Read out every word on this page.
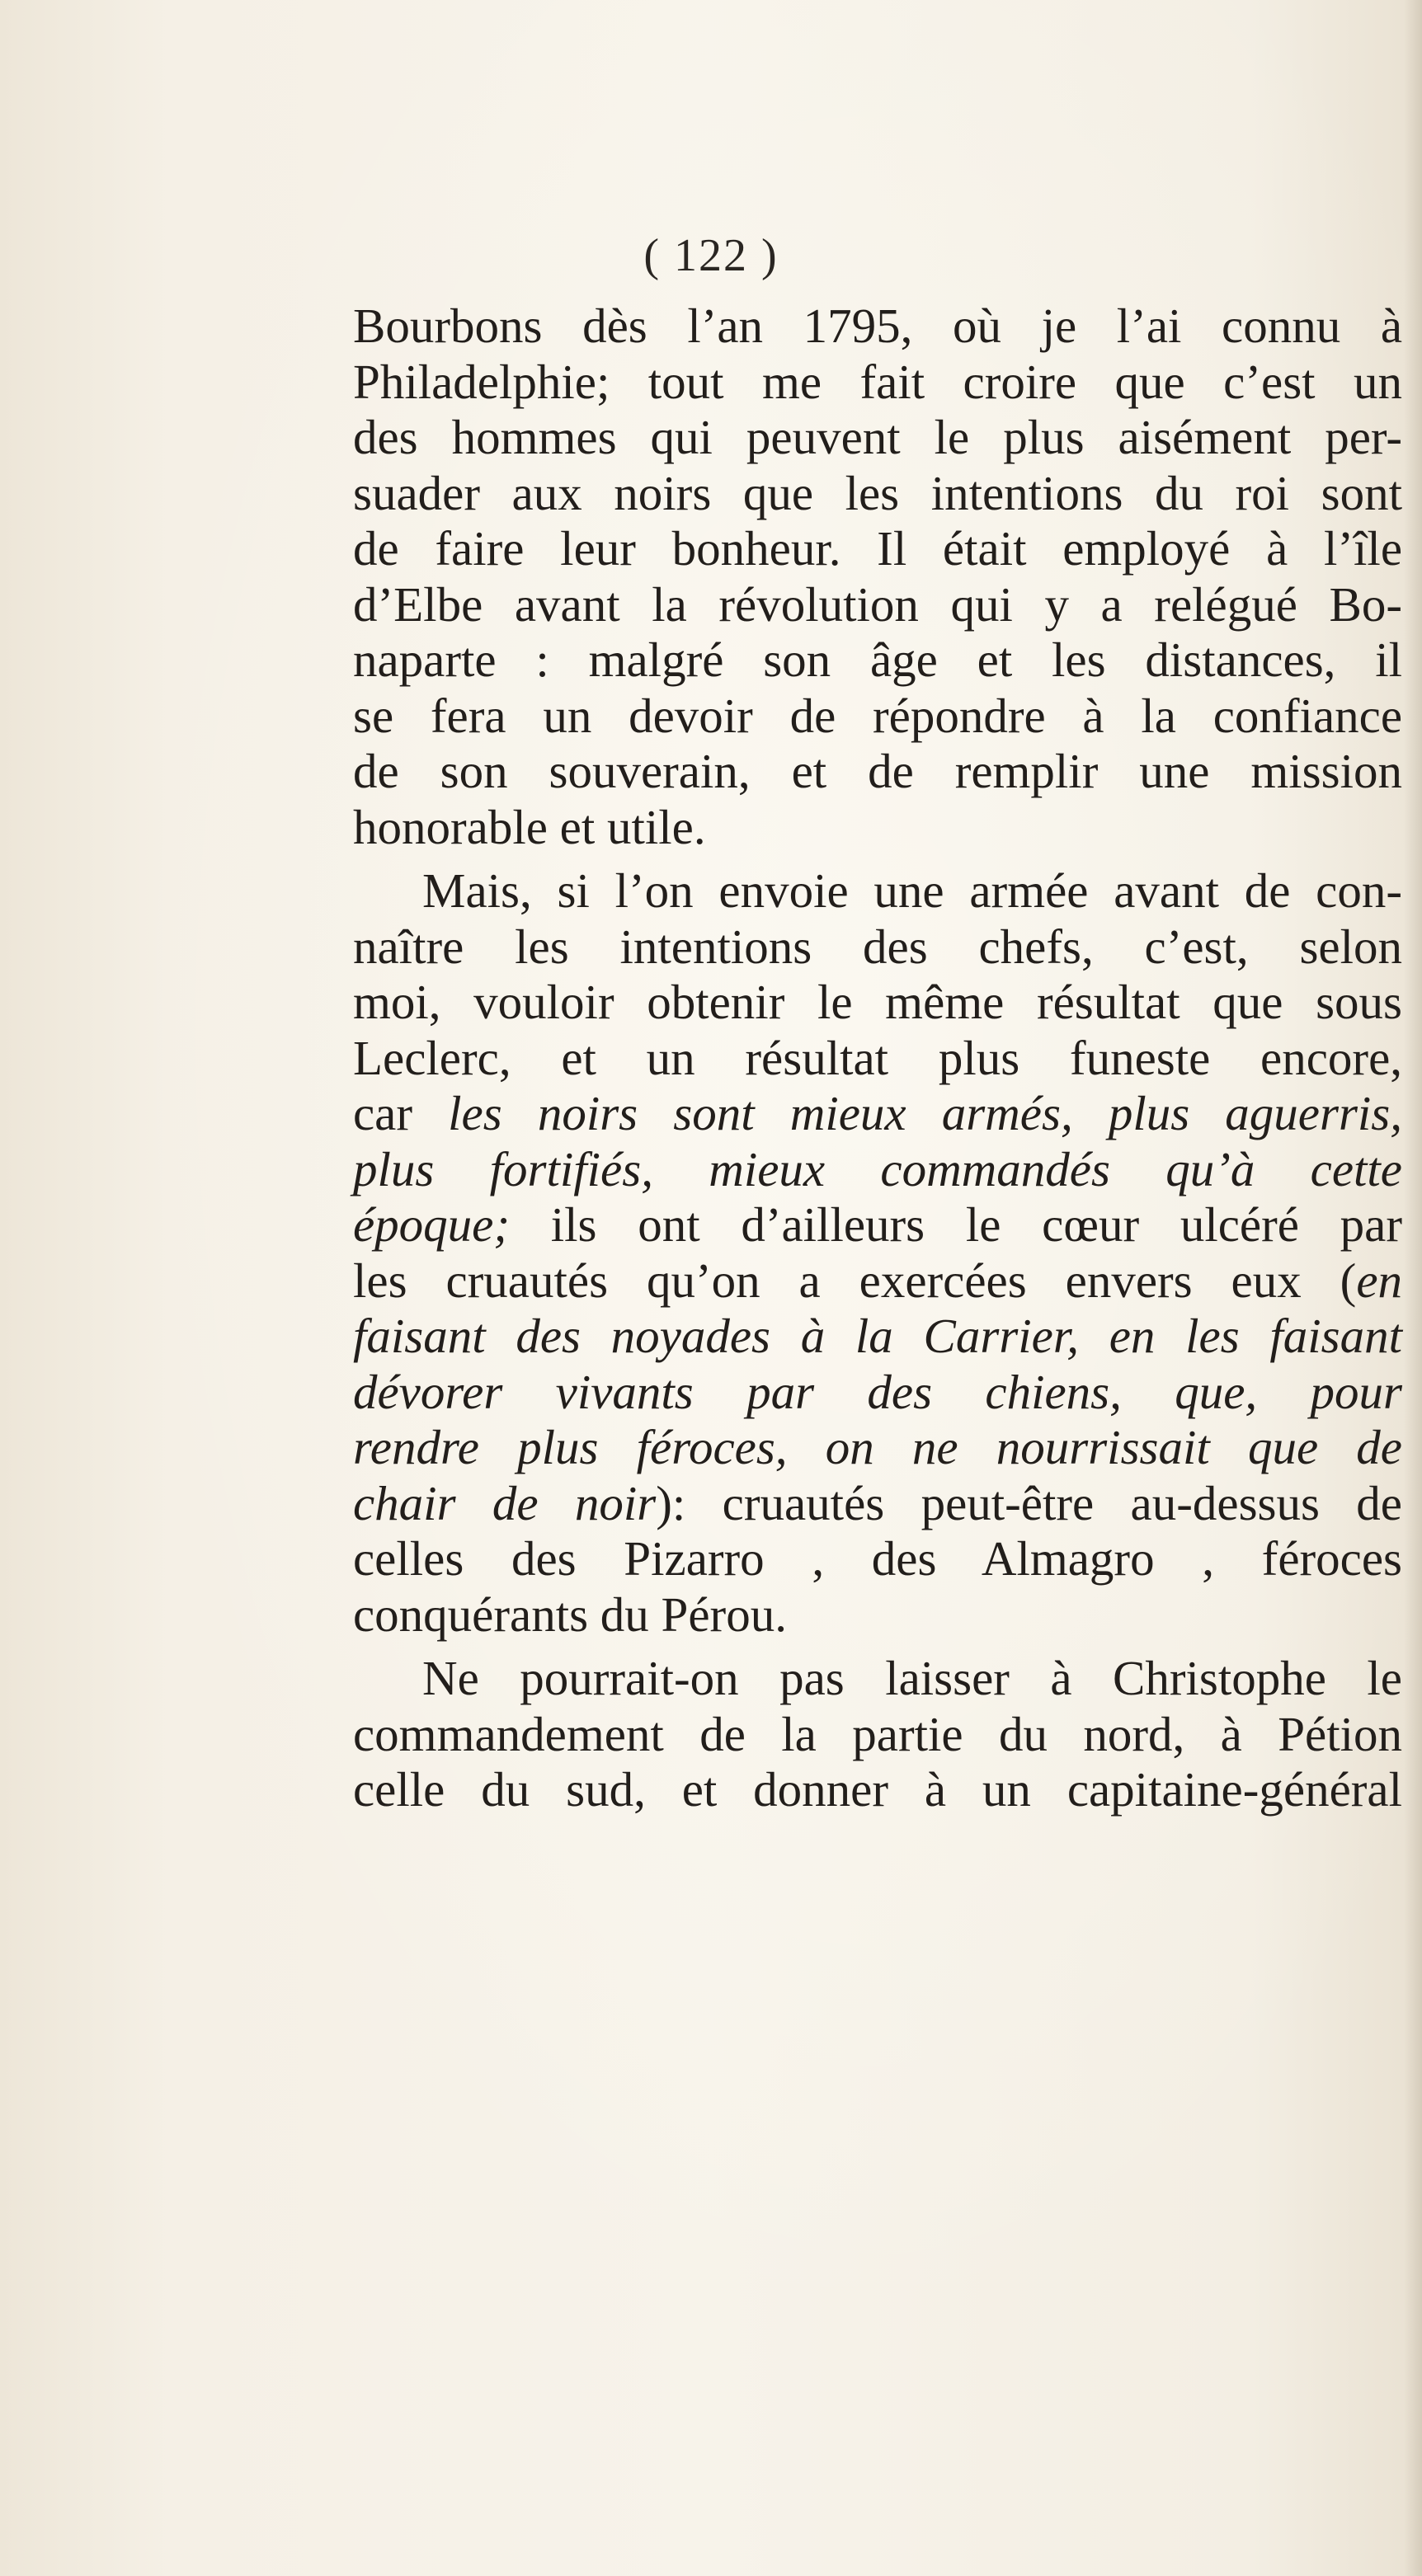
( 122 )
Bourbons dès l’an 1795, où je l’ai connu à
Philadelphie; tout me fait croire que c’est un
des hommes qui peuvent le plus aisément per-
suader aux noirs que les intentions du roi sont
de faire leur bonheur. Il était employé à l’île
d’Elbe avant la révolution qui y a relégué Bo-
naparte : malgré son âge et les distances, il
se fera un devoir de répondre à la confiance
de son souverain, et de remplir une mission
honorable et utile.
Mais, si l’on envoie une armée avant de con-
naître les intentions des chefs, c’est, selon
moi, vouloir obtenir le même résultat que sous
Leclerc, et un résultat plus funeste encore,
car les noirs sont mieux armés, plus aguerris,
plus fortifiés, mieux commandés qu’à cette
époque; ils ont d’ailleurs le cœur ulcéré par
les cruautés qu’on a exercées envers eux (en
faisant des noyades à la Carrier, en les faisant
dévorer vivants par des chiens, que, pour
rendre plus féroces, on ne nourrissait que de
chair de noir): cruautés peut-être au-dessus de
celles des Pizarro , des Almagro , féroces
conquérants du Pérou.
Ne pourrait-on pas laisser à Christophe le
commandement de la partie du nord, à Pétion
celle du sud, et donner à un capitaine-général
